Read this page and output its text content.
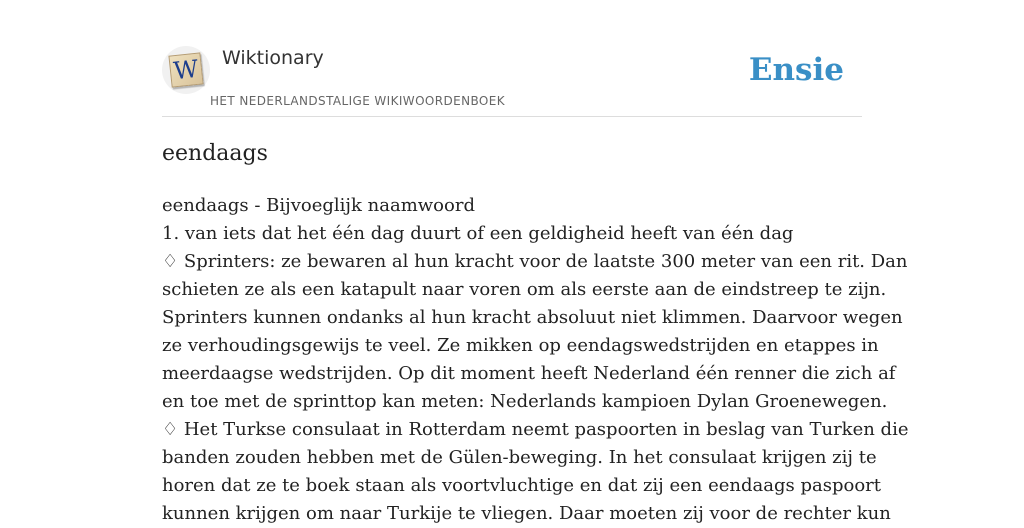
W Wiktionary
HET NEDERLANDSTALIGE WIKIWOORDENBOEK
Ensie
eendaags
eendaags - Bijvoeglijk naamwoord
1. van iets dat het één dag duurt of een geldigheid heeft van één dag
♢ Sprinters: ze bewaren al hun kracht voor de laatste 300 meter van een rit. Dan
schieten ze als een katapult naar voren om als eerste aan de eindstreep te zijn.
Sprinters kunnen ondanks al hun kracht absoluut niet klimmen. Daarvoor wegen
ze verhoudingsgewijs te veel. Ze mikken op eendagswedstrijden en etappes in
meerdaagse wedstrijden. Op dit moment heeft Nederland één renner die zich af
en toe met de sprinttop kan meten: Nederlands kampioen Dylan Groenewegen.
♢ Het Turkse consulaat in Rotterdam neemt paspoorten in beslag van Turken die
banden zouden hebben met de Gülen-beweging. In het consulaat krijgen zij te
horen dat ze te boek staan als voortvluchtige en dat zij een eendaags paspoort
kunnen krijgen om naar Turkije te vliegen. Daar moeten zij voor de rechter kun
